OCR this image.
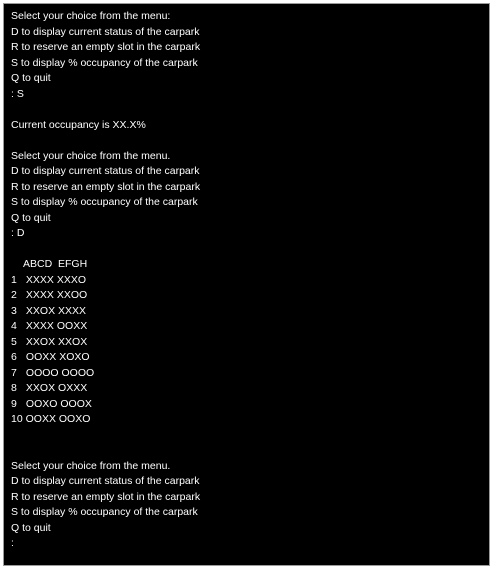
Select your choice from the menu:
D to display current status of the carpark
R to reserve an empty slot in the carpark
S to display % occupancy of the carpark
Q to quit
: S
Current occupancy is XX.X%
Select your choice from the menu.
D to display current status of the carpark
R to reserve an empty slot in the carpark
S to display % occupancy of the carpark
Q to quit
: D
ABCD  EFGH
1 XXXX XXXO
2 XXXX XXOO
3 XXOX XXXX
4 XXXX OOXX
5 XXOX XXOX
6 OOXX XOXO
7 OOOO OOOO
8 XXOX OXXX
9 OOXO OOOX
10 OOXX OOXO
Select your choice from the menu.
D to display current status of the carpark
R to reserve an empty slot in the carpark
S to display % occupancy of the carpark
Q to quit
:
